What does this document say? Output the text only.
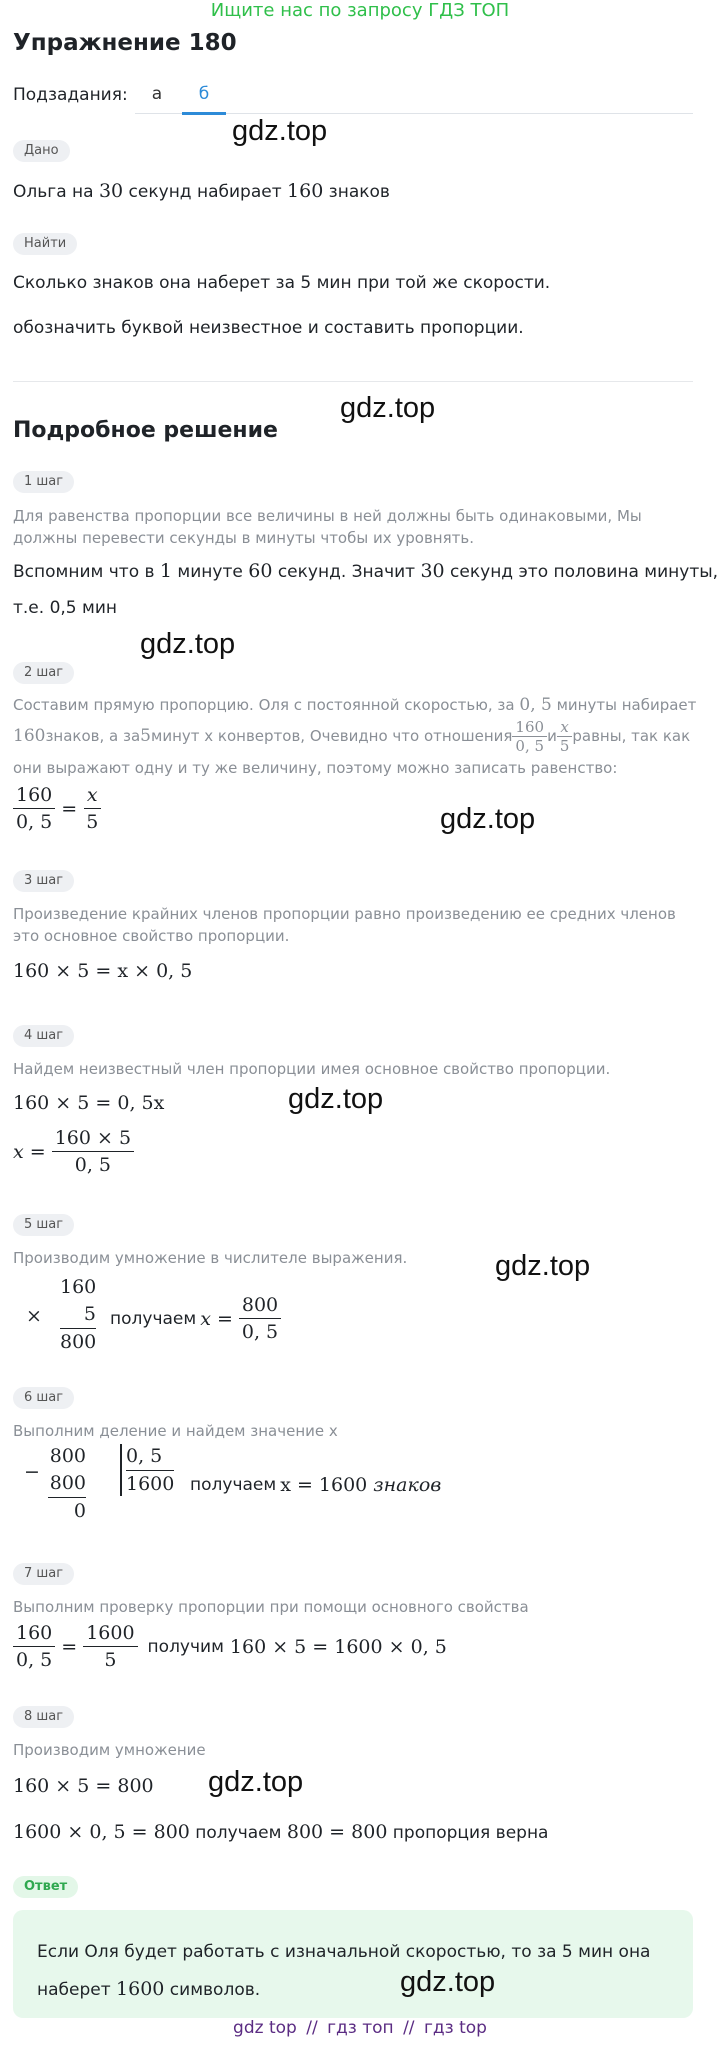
Ищите нас по запросу ГДЗ ТОП
Упражнение 180
Подзадания:	а	б
Дано
gdz.top
Ольга на 30 секунд набирает 160 знаков
Найти
Сколько знаков она наберет за 5 мин при той же скорости.
обозначить буквой неизвестное и составить пропорции.
Подробное решение
gdz.top
1 шаг
Для равенства пропорции все величины в ней должны быть одинаковыми, Мы должны перевести секунды в минуты чтобы их уровнять.
Вспомним что в 1 минуте 60 секунд. Значит 30 секунд это половина минуты,
т.е. 0,5 мин
gdz.top
2 шаг
Составим прямую пропорцию. Оля с постоянной скоростью, за 0, 5 минуты набирает
160 знаков, а за 5 минут х конвертов, Очевидно что отношения $\frac{160}{0, 5}$ и $\frac{x}{5}$ равны, так как
они выражают одну и ту же величину, поэтому можно записать равенство:
$\frac{160}{0, 5} = \frac{x}{5}$	gdz.top
3 шаг
Произведение крайних членов пропорции равно произведению ее средних членов это основное свойство пропорции.
160 × 5 = x × 0, 5
4 шаг
Найдем неизвестный член пропорции имея основное свойство пропорции.
160 × 5 = 0, 5x	gdz.top
$x = \frac{160 \times 5}{0, 5}$
5 шаг
Производим умножение в числителе выражения.	gdz.top
×
160
5
800
получаем $x = \frac{800}{0, 5}$
6 шаг
Выполним деление и найдем значение x
−
800
800
0
0, 5
1600 получаем x = 1600 знаков
7 шаг
Выполним проверку пропорции при помощи основного свойства
$\frac{160}{0, 5} = \frac{1600}{5}$ получим 160 × 5 = 1600 × 0, 5
8 шаг
Производим умножение
160 × 5 = 800 gdz.top
1600 × 0, 5 = 800 получаем 800 = 800 пропорция верна
Ответ
Если Оля будет работать с изначальной скоростью, то за 5 мин она
наберет 1600 символов.	gdz.top
gdz top // гдз топ // гдз top
